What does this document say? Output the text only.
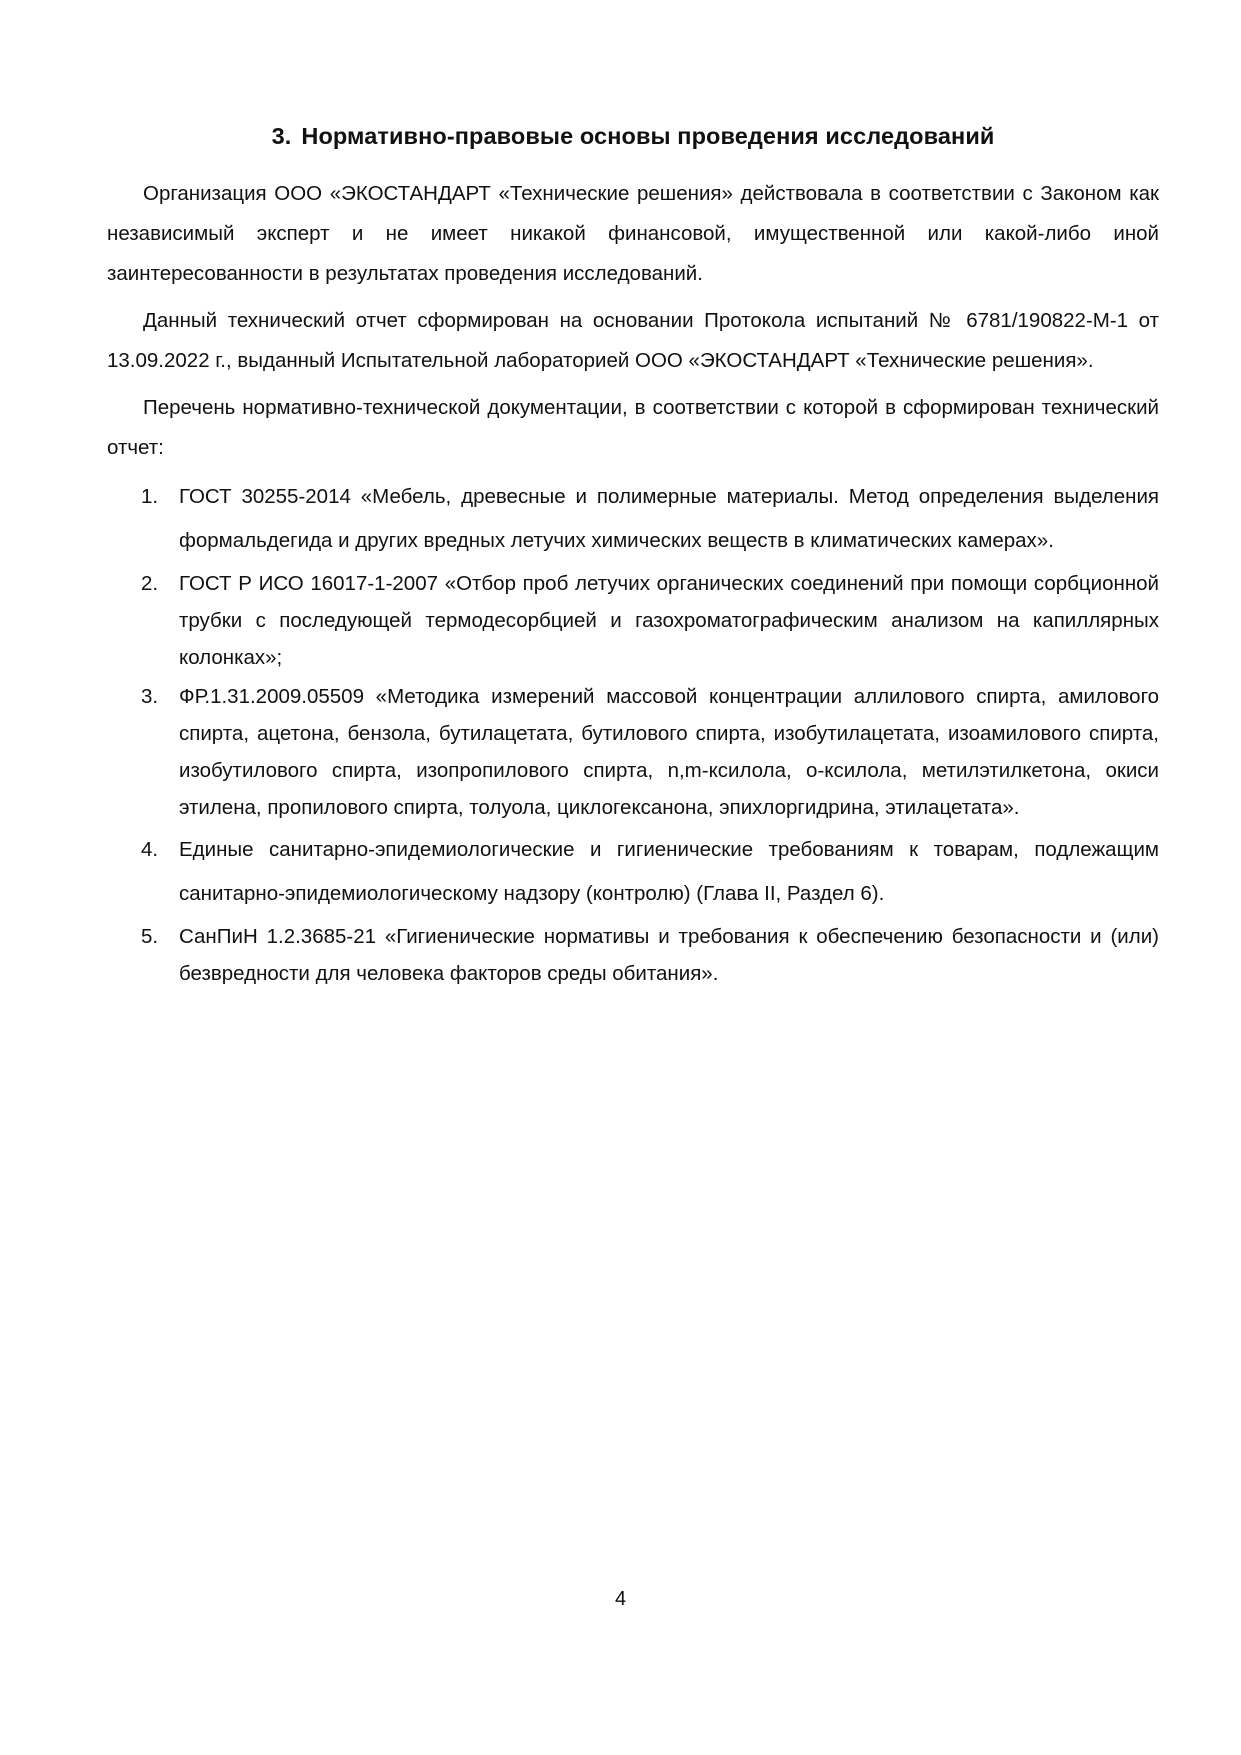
3. Нормативно-правовые основы проведения исследований

Организация ООО «ЭКОСТАНДАРТ «Технические решения» действовала в соответствии с Законом как независимый эксперт и не имеет никакой финансовой, имущественной или какой-либо иной заинтересованности в результатах проведения исследований.

Данный технический отчет сформирован на основании Протокола испытаний № 6781/190822-М-1 от 13.09.2022 г., выданный Испытательной лабораторией ООО «ЭКОСТАНДАРТ «Технические решения».

Перечень нормативно-технической документации, в соответствии с которой в сформирован технический отчет:

1. ГОСТ 30255-2014 «Мебель, древесные и полимерные материалы. Метод определения выделения формальдегида и других вредных летучих химических веществ в климатических камерах».
2. ГОСТ Р ИСО 16017-1-2007 «Отбор проб летучих органических соединений при помощи сорбционной трубки с последующей термодесорбцией и газохроматографическим анализом на капиллярных колонках»;
3. ФР.1.31.2009.05509 «Методика измерений массовой концентрации аллилового спирта, амилового спирта, ацетона, бензола, бутилацетата, бутилового спирта, изобутилацетата, изоамилового спирта, изобутилового спирта, изопропилового спирта, n,m-ксилола, о-ксилола, метилэтилкетона, окиси этилена, пропилового спирта, толуола, циклогексанона, эпихлоргидрина, этилацетата».
4. Единые санитарно-эпидемиологические и гигиенические требованиям к товарам, подлежащим санитарно-эпидемиологическому надзору (контролю) (Глава II, Раздел 6).
5. СанПиН 1.2.3685-21 «Гигиенические нормативы и требования к обеспечению безопасности и (или) безвредности для человека факторов среды обитания».
4
